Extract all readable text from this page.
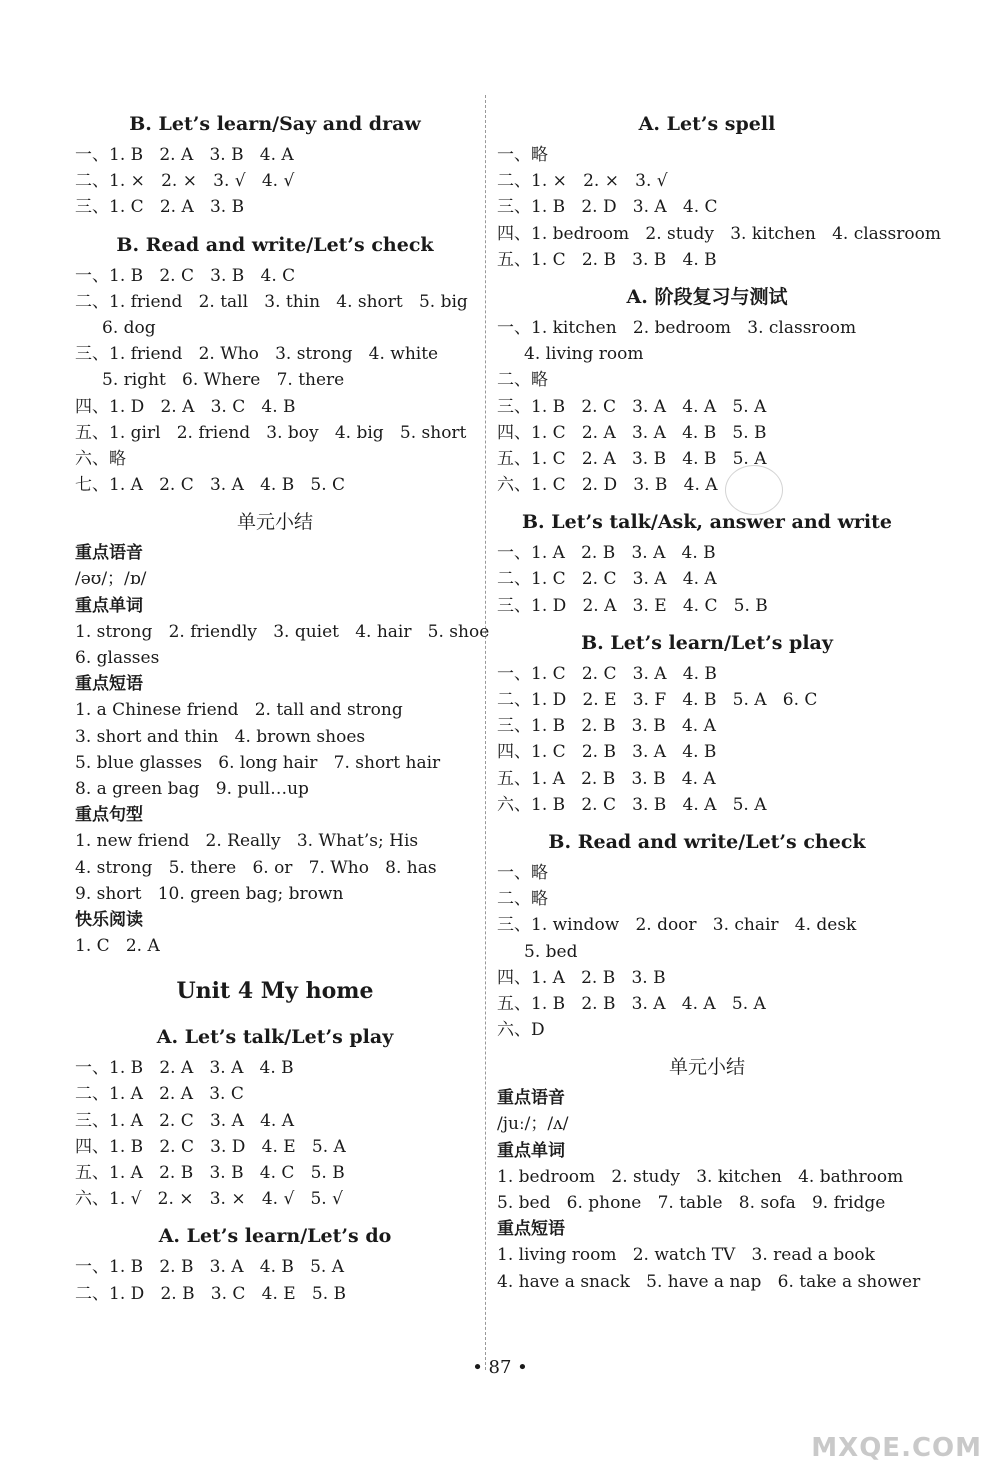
B. Let’s learn/Say and draw
一、1. B   2. A   3. B   4. A
二、1. ×   2. ×   3. √   4. √
三、1. C   2. A   3. B
B. Read and write/Let’s check
一、1. B   2. C   3. B   4. C
二、1. friend   2. tall   3. thin   4. short   5. big
6. dog
三、1. friend   2. Who   3. strong   4. white
5. right   6. Where   7. there
四、1. D   2. A   3. C   4. B
五、1. girl   2. friend   3. boy   4. big   5. short
六、略
七、1. A   2. C   3. A   4. B   5. C
单元小结
重点语音
/əʊ/；/ɒ/
重点单词
1. strong   2. friendly   3. quiet   4. hair   5. shoe
6. glasses
重点短语
1. a Chinese friend   2. tall and strong
3. short and thin   4. brown shoes
5. blue glasses   6. long hair   7. short hair
8. a green bag   9. pull…up
重点句型
1. new friend   2. Really   3. What’s; His
4. strong   5. there   6. or   7. Who   8. has
9. short   10. green bag; brown
快乐阅读
1. C   2. A
Unit 4 My home
A. Let’s talk/Let’s play
一、1. B   2. A   3. A   4. B
二、1. A   2. A   3. C
三、1. A   2. C   3. A   4. A
四、1. B   2. C   3. D   4. E   5. A
五、1. A   2. B   3. B   4. C   5. B
六、1. √   2. ×   3. ×   4. √   5. √
A. Let’s learn/Let’s do
一、1. B   2. B   3. A   4. B   5. A
二、1. D   2. B   3. C   4. E   5. B
A. Let’s spell
一、略
二、1. ×   2. ×   3. √
三、1. B   2. D   3. A   4. C
四、1. bedroom   2. study   3. kitchen   4. classroom
五、1. C   2. B   3. B   4. B
A. 阶段复习与测试
一、1. kitchen   2. bedroom   3. classroom
4. living room
二、略
三、1. B   2. C   3. A   4. A   5. A
四、1. C   2. A   3. A   4. B   5. B
五、1. C   2. A   3. B   4. B   5. A
六、1. C   2. D   3. B   4. A
B. Let’s talk/Ask, answer and write
一、1. A   2. B   3. A   4. B
二、1. C   2. C   3. A   4. A
三、1. D   2. A   3. E   4. C   5. B
B. Let’s learn/Let’s play
一、1. C   2. C   3. A   4. B
二、1. D   2. E   3. F   4. B   5. A   6. C
三、1. B   2. B   3. B   4. A
四、1. C   2. B   3. A   4. B
五、1. A   2. B   3. B   4. A
六、1. B   2. C   3. B   4. A   5. A
B. Read and write/Let’s check
一、略
二、略
三、1. window   2. door   3. chair   4. desk
5. bed
四、1. A   2. B   3. B
五、1. B   2. B   3. A   4. A   5. A
六、D
单元小结
重点语音
/juː/；/ʌ/
重点单词
1. bedroom   2. study   3. kitchen   4. bathroom
5. bed   6. phone   7. table   8. sofa   9. fridge
重点短语
1. living room   2. watch TV   3. read a book
4. have a snack   5. have a nap   6. take a shower
• 87 •
MXQE.COM
